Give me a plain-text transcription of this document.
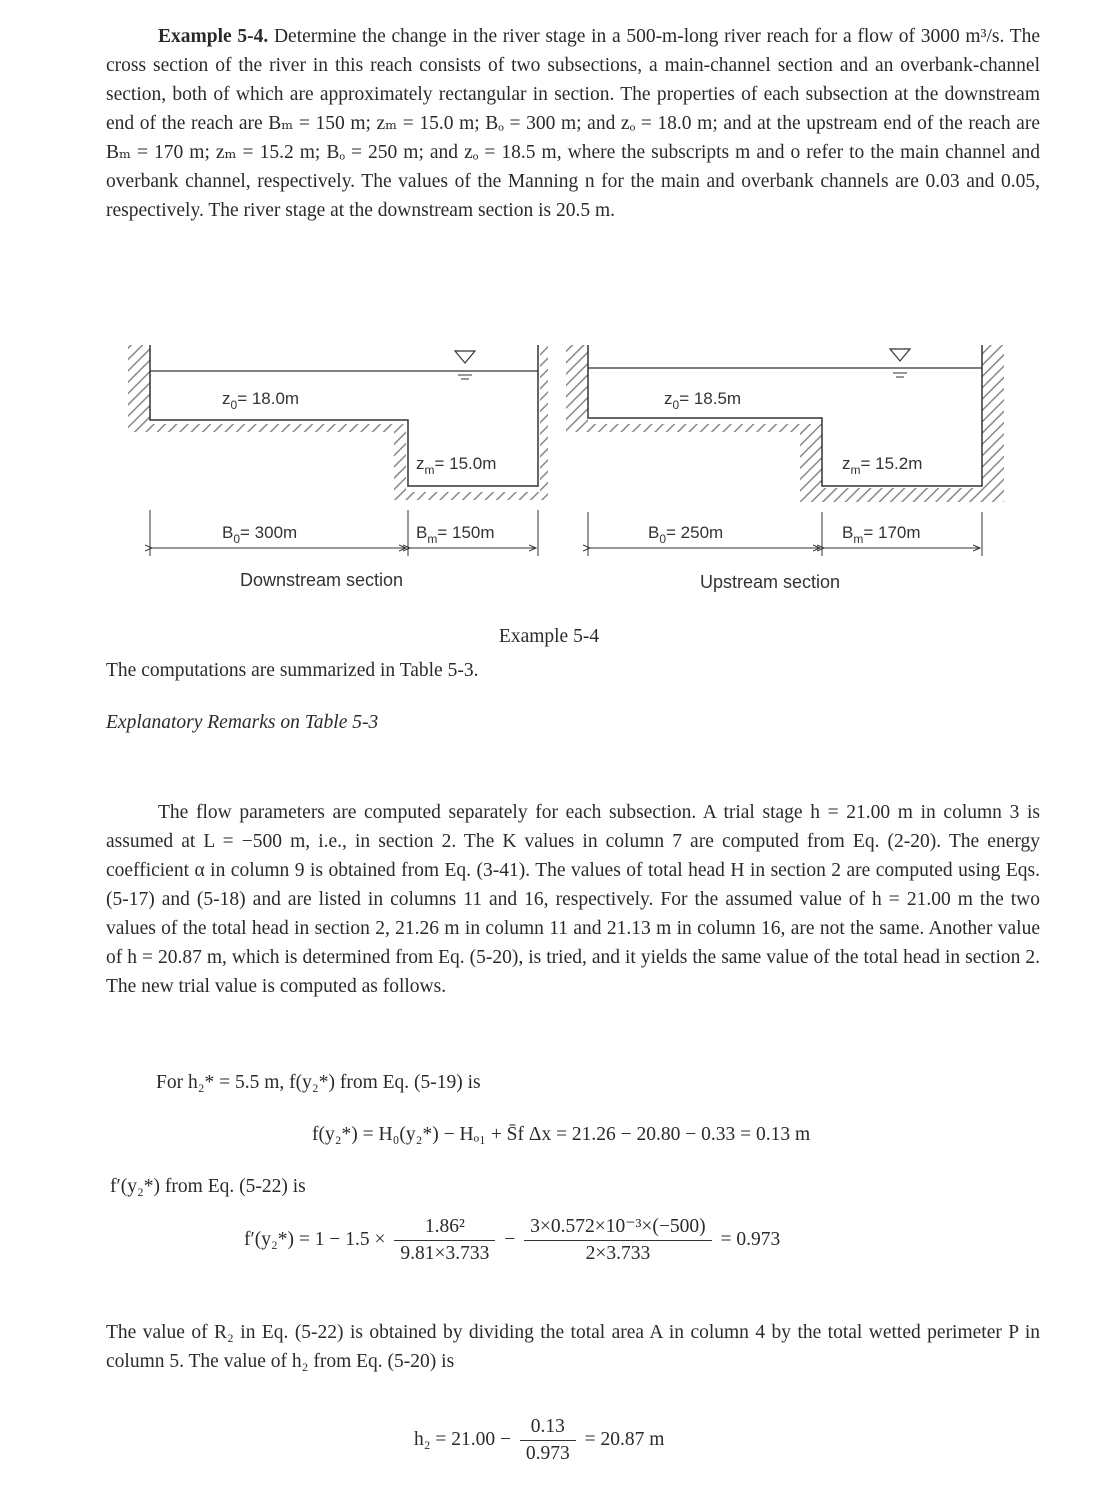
Example 5-4. Determine the change in the river stage in a 500-m-long river reach for a flow of 3000 m³/s. The cross section of the river in this reach consists of two subsections, a main-channel section and an overbank-channel section, both of which are approximately rectangular in section. The properties of each subsection at the downstream end of the reach are Bₘ = 150 m; zₘ = 15.0 m; Bₒ = 300 m; and zₒ = 18.0 m; and at the upstream end of the reach are Bₘ = 170 m; zₘ = 15.2 m; Bₒ = 250 m; and zₒ = 18.5 m, where the subscripts m and o refer to the main channel and overbank channel, respectively. The values of the Manning n for the main and overbank channels are 0.03 and 0.05, respectively. The river stage at the downstream section is 20.5 m.
$z_0= 18.0m$
$z_m= 15.0m$
$B_0= 300m$	$B_m= 150m$
Downstream section
$z_0= 18.5m$
$z_m= 15.2m$
$B_0= 250m$	$B_m= 170m$
Upstream section
Example 5-4
The computations are summarized in Table 5-3.
Explanatory Remarks on Table 5-3
The flow parameters are computed separately for each subsection. A trial stage h = 21.00 m in column 3 is assumed at L = −500 m, i.e., in section 2. The K values in column 7 are computed from Eq. (2-20). The energy coefficient α in column 9 is obtained from Eq. (3-41). The values of total head H in section 2 are computed using Eqs. (5-17) and (5-18) and are listed in columns 11 and 16, respectively. For the assumed value of h = 21.00 m the two values of the total head in section 2, 21.26 m in column 11 and 21.13 m in column 16, are not the same. Another value of h = 20.87 m, which is determined from Eq. (5-20), is tried, and it yields the same value of the total head in section 2. The new trial value is computed as follows.
For h₂* = 5.5 m, f(y₂*) from Eq. (5-19) is
f(y₂*) = H₀(y₂*) − Hₒ₁ + S̄f Δx = 21.26 − 20.80 − 0.33 = 0.13 m
f′(y₂*) from Eq. (5-22) is
$f'(y_2*) = 1 - 1.5 \times \frac{\text{1.86²}}{9.81\times 3.733} - \frac{\text{3×0.572×10⁻³×(−500)}}{2\times 3.733} = 0.973$
The value of R₂ in Eq. (5-22) is obtained by dividing the total area A in column 4 by the total wetted perimeter P in column 5. The value of h₂ from Eq. (5-20) is
$h_2 = 21.00 - \frac{0.13}{0.973} = 20.87$ m
